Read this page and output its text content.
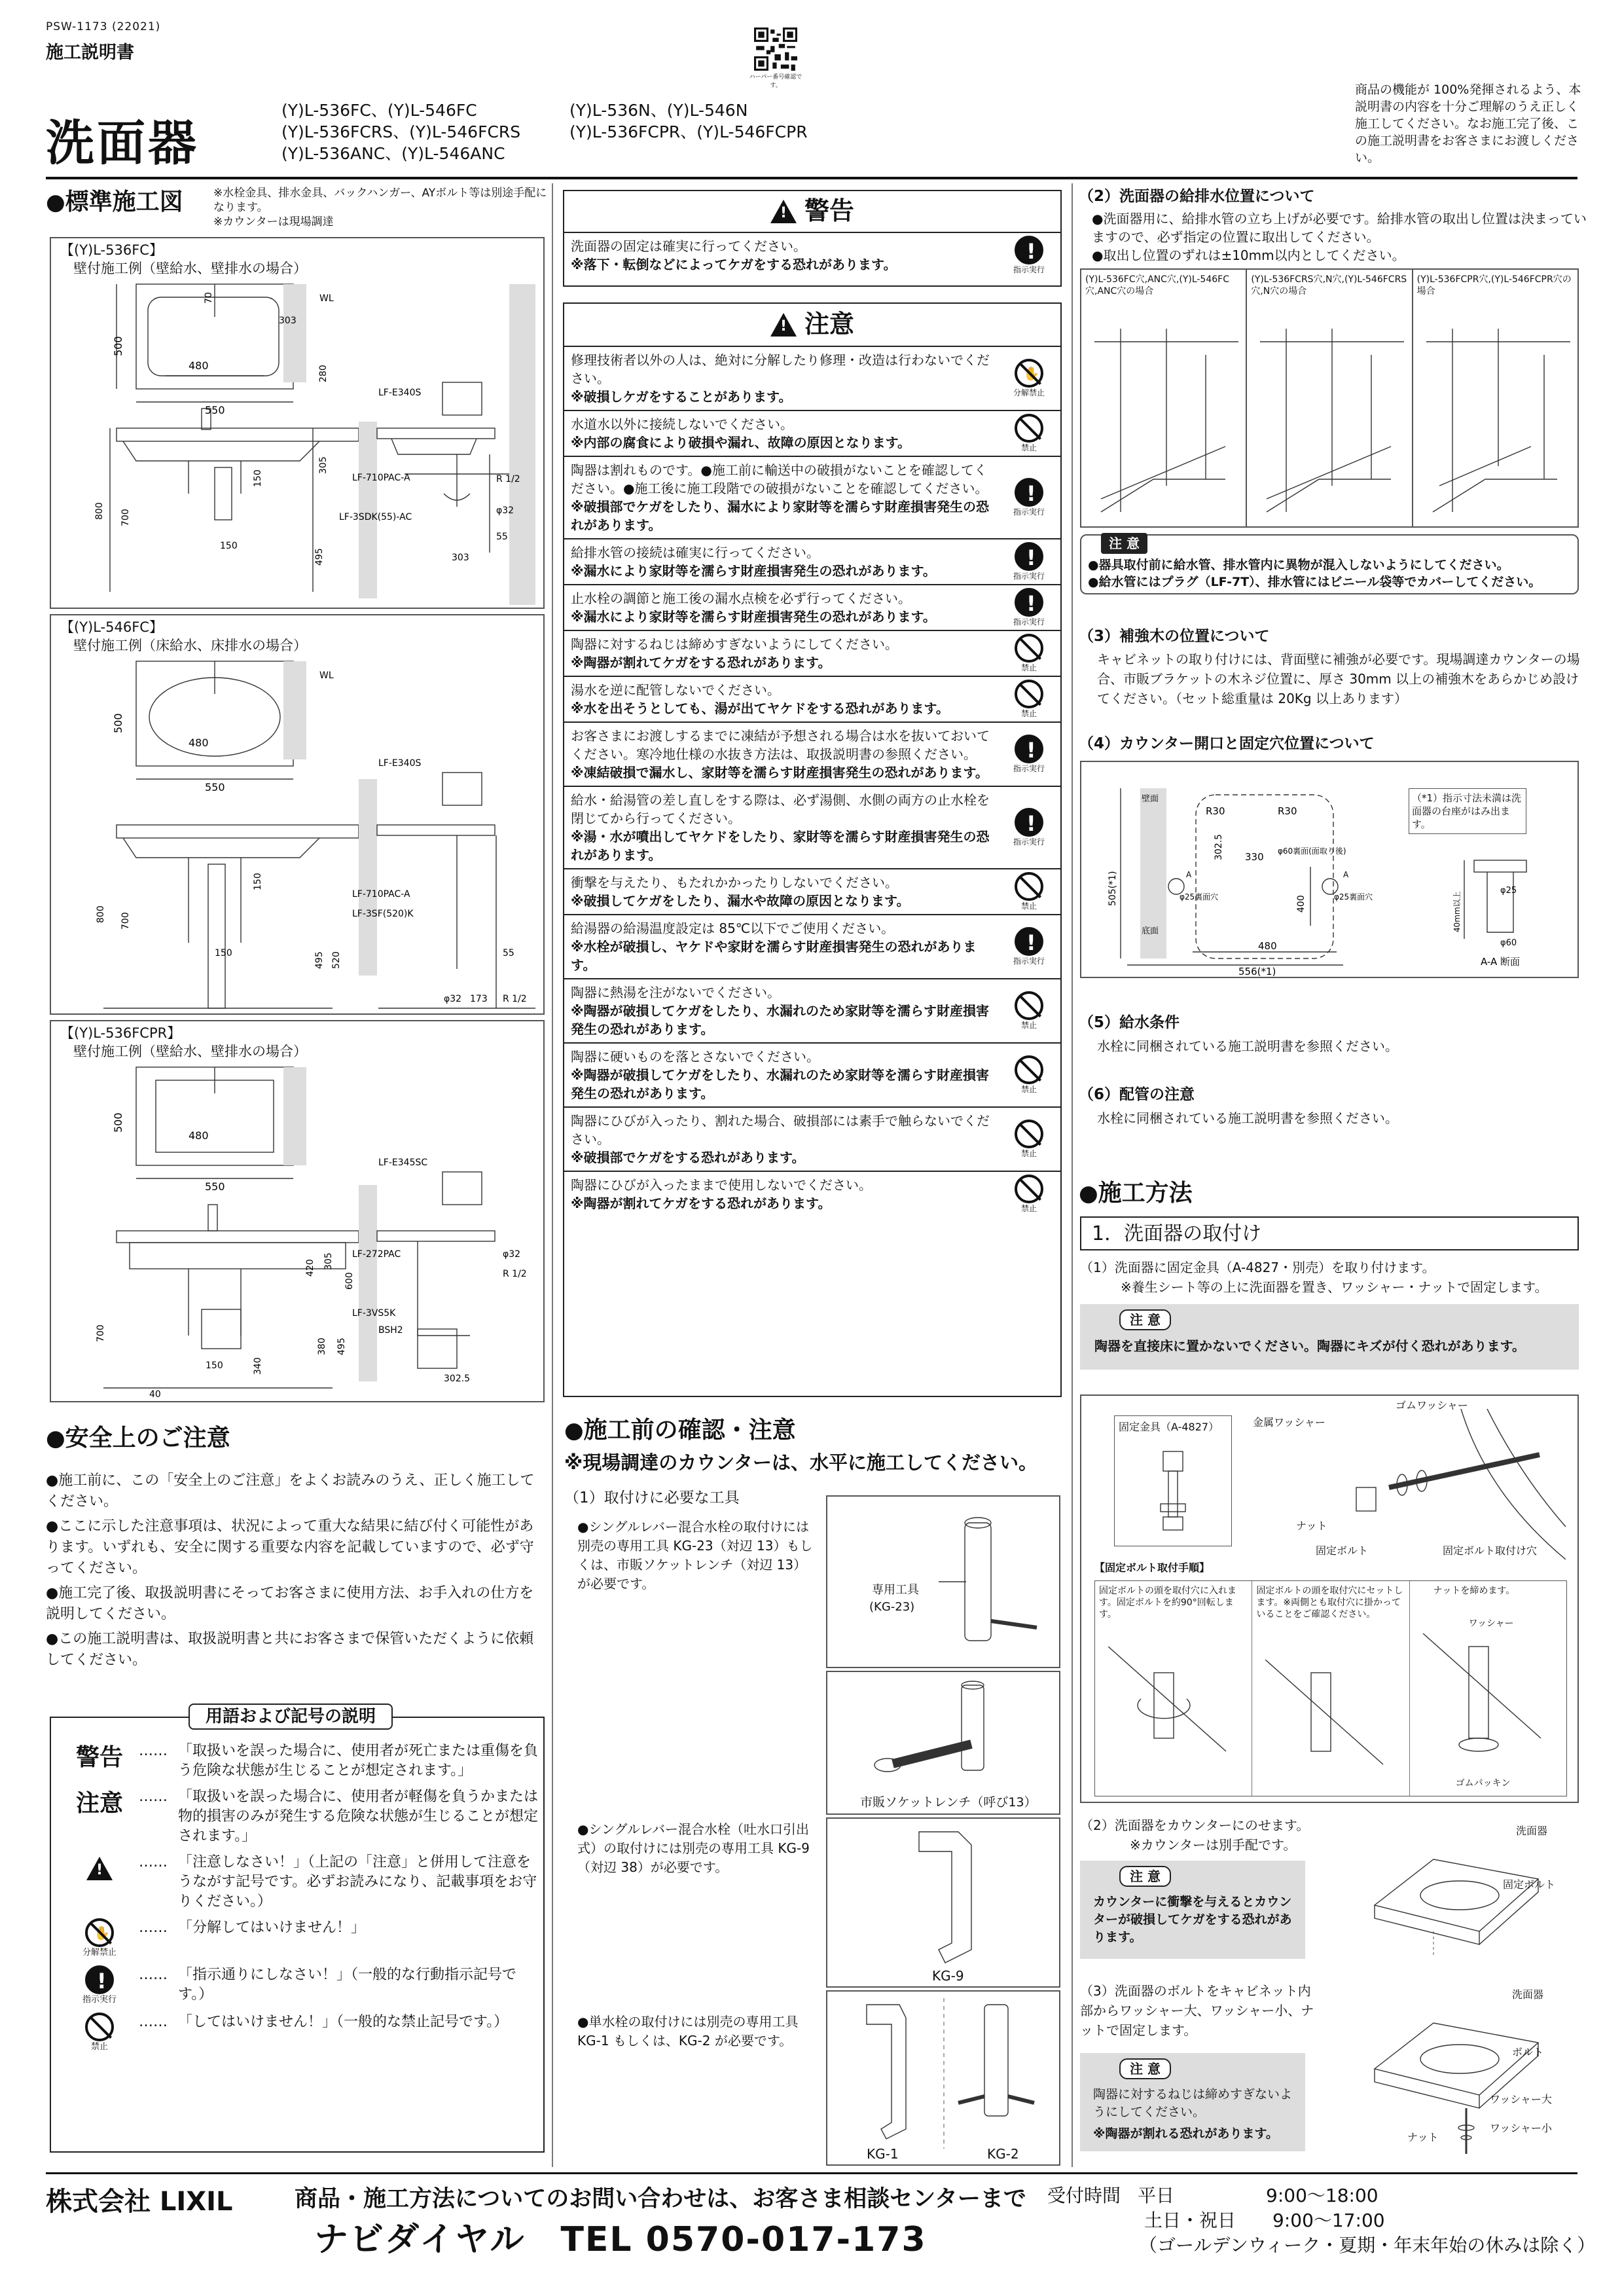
PSW-1173 (22021)
施工説明書
ハーパー番号確認です。
洗面器
(Y)L-536FC、(Y)L-546FC	(Y)L-536N、(Y)L-546N
(Y)L-536FCRS、(Y)L-546FCRS	(Y)L-536FCPR、(Y)L-546FCPR
(Y)L-536ANC、(Y)L-546ANC
商品の機能が 100%発揮されるよう、本説明書の内容を十分ご理解のうえ正しく施工してください。なお施工完了後、この施工説明書をお客さまにお渡しください。
●標準施工図	※水栓金具、排水金具、バックハンガー、AYボルト等は別途手配になります。
※カウンターは現場調達
【(Y)L-536FC】
壁付施工例（壁給水、壁排水の場合）
480
500
550
70
303
WL
305
150
800 700
150
303
55
R 1/2
φ32
495
LF-E340S
LF-710PAC-A
LF-3SDK(55)-AC
280
【(Y)L-546FC】
壁付施工例（床給水、床排水の場合）
480
500
550
WL
150
800 700
150	55
R 1/2
φ32 173
495 520
LF-E340S
LF-710PAC-A
LF-3SF(520)K
【(Y)L-536FCPR】
壁付施工例（壁給水、壁排水の場合）
480
500
550
420 305
600
700
495
380
302.5
340
150
40
φ32
R 1/2
LF-E345SC
LF-272PAC
LF-3VS5K
BSH2
●安全上のご注意
●施工前に、この「安全上のご注意」をよくお読みのうえ、正しく施工してください。
●ここに示した注意事項は、状況によって重大な結果に結び付く可能性があります。いずれも、安全に関する重要な内容を記載していますので、必ず守ってください。
●施工完了後、取扱説明書にそってお客さまに使用方法、お手入れの仕方を説明してください。
●この施工説明書は、取扱説明書と共にお客さまで保管いただくように依頼してください。
用語および記号の説明
警告	…… 「取扱いを誤った場合に、使用者が死亡または重傷を負う危険な状態が生じることが想定されます。」
注意	…… 「取扱いを誤った場合に、使用者が軽傷を負うかまたは物的損害のみが発生する危険な状態が生じることが想定されます。」
!
…… 「注意しなさい！」（上記の「注意」と併用して注意をうながす記号です。必ずお読みになり、記載事項をお守りください。）
✋
分解禁止
…… 「分解してはいけません！」
!
指示実行
…… 「指示通りにしなさい！」（一般的な行動指示記号です。）
禁止
…… 「してはいけません！」（一般的な禁止記号です。）
!
警告
洗面器の固定は確実に行ってください。
※落下・転倒などによってケガをする恐れがあります。
!	指示実行
!
注意
修理技術者以外の人は、絶対に分解したり修理・改造は行わないでください。
※破損しケガをすることがあります。
✋	分解禁止
水道水以外に接続しないでください。
※内部の腐食により破損や漏れ、故障の原因となります。	禁止
陶器は割れものです。●施工前に輸送中の破損がないことを確認してください。●施工後に施工段階での破損がないことを確認してください。
※破損部でケガをしたり、漏水により家財等を濡らす財産損害発生の恐れがあります。
!
指示実行
給排水管の接続は確実に行ってください。
※漏水により家財等を濡らす財産損害発生の恐れがあります。
!	指示実行
止水栓の調節と施工後の漏水点検を必ず行ってください。
※漏水により家財等を濡らす財産損害発生の恐れがあります。
!	指示実行
陶器に対するねじは締めすぎないようにしてください。
※陶器が割れてケガをする恐れがあります。	禁止
湯水を逆に配管しないでください。
※水を出そうとしても、湯が出てヤケドをする恐れがあります。	禁止
お客さまにお渡しするまでに凍結が予想される場合は水を抜いておいてください。寒冷地仕様の水抜き方法は、取扱説明書の参照ください。
※凍結破損で漏水し、家財等を濡らす財産損害発生の恐れがあります。
!	指示実行
給水・給湯管の差し直しをする際は、必ず湯側、水側の両方の止水栓を閉じてから行ってください。
※湯・水が噴出してヤケドをしたり、家財等を濡らす財産損害発生の恐れがあります。
!
指示実行
衝撃を与えたり、もたれかかったりしないでください。
※破損してケガをしたり、漏水や故障の原因となります。	禁止
給湯器の給湯温度設定は 85℃以下でご使用ください。
※水栓が破損し、ヤケドや家財を濡らす財産損害発生の恐れがあります。
!	指示実行
陶器に熱湯を注がないでください。
※陶器が破損してケガをしたり、水漏れのため家財等を濡らす財産損害発生の恐れがあります。	禁止
陶器に硬いものを落とさないでください。
※陶器が破損してケガをしたり、水漏れのため家財等を濡らす財産損害発生の恐れがあります。	禁止
陶器にひびが入ったり、割れた場合、破損部には素手で触らないでください。
※破損部でケガをする恐れがあります。	禁止
陶器にひびが入ったままで使用しないでください。
※陶器が割れてケガをする恐れがあります。	禁止
●施工前の確認・注意
※現場調達のカウンターは、水平に施工してください。
（1）取付けに必要な工具
●シングルレバー混合水栓の取付けには別売の専用工具 KG-23（対辺 13）もしくは、市販ソケットレンチ（対辺 13）が必要です。
●シングルレバー混合水栓（吐水口引出式）の取付けには別売の専用工具 KG-9（対辺 38）が必要です。
●単水栓の取付けには別売の専用工具 KG-1 もしくは、KG-2 が必要です。
専用工具
(KG-23)
市販ソケットレンチ（呼び13）
KG-9
KG-1	KG-2
（2）洗面器の給排水位置について
●洗面器用に、給排水管の立ち上げが必要です。給排水管の取出し位置は決まっていますので、必ず指定の位置に取出してください。
●取出し位置のずれは±10mm以内としてください。
(Y)L-536FC穴,ANC穴,(Y)L-546FC穴,ANC穴の場合
(Y)L-536FCRS穴,N穴,(Y)L-546FCRS穴,N穴の場合
(Y)L-536FCPR穴,(Y)L-546FCPR穴の場合
注 意
●器具取付前に給水管、排水管内に異物が混入しないようにしてください。
●給水管にはプラグ（LF-7T）、排水管にはビニール袋等でカバーしてください。
（3）補強木の位置について
キャビネットの取り付けには、背面壁に補強が必要です。現場調達カウンターの場合、市販ブラケットの木ネジ位置に、厚さ 30mm 以上の補強木をあらかじめ設けてください。（セット総重量は 20Kg 以上あります）
（4）カウンター開口と固定穴位置について
R30	R30
330
302.5
400
480
556(*1)
505(*1)
φ60裏面(面取り後)
φ25裏面穴	φ25裏面穴
A	A
A-A 断面
φ25
φ60
40mm以上
壁面
底面
（*1）指示寸法未満は洗面器の台座がはみ出ます。
（5）給水条件
水栓に同梱されている施工説明書を参照ください。
（6）配管の注意
水栓に同梱されている施工説明書を参照ください。
●施工方法
1．洗面器の取付け
（1）洗面器に固定金具（A-4827・別売）を取り付けます。
※養生シート等の上に洗面器を置き、ワッシャー・ナットで固定します。
注 意
陶器を直接床に置かないでください。陶器にキズが付く恐れがあります。
固定金具（A-4827）	金属ワッシャー
ゴムワッシャー
ナット
固定ボルト	固定ボルト取付け穴
【固定ボルト取付手順】
固定ボルトの頭を取付穴に入れます。固定ボルトを約90°回転します。
固定ボルトの頭を取付穴にセットします。※両側とも取付穴に掛かっていることをご確認ください。
ナットを締めます。
ワッシャー
ゴムパッキン
（2）洗面器をカウンターにのせます。
※カウンターは別手配です。
注 意
カウンターに衝撃を与えるとカウンターが破損してケガをする恐れがあります。
洗面器
固定ボルト
（3）洗面器のボルトをキャビネット内部からワッシャー大、ワッシャー小、ナットで固定します。
注 意
陶器に対するねじは締めすぎないようにしてください。
※陶器が割れる恐れがあります。
洗面器
ボルト
ワッシャー大
ワッシャー小
ナット
株式会社 LIXIL	商品・施工方法についてのお問い合わせは、お客さま相談センターまで
ナビダイヤル　TEL 0570-017-173
受付時間 平日	9:00～18:00
土日・祝日 9:00～17:00
（ゴールデンウィーク・夏期・年末年始の休みは除く）
